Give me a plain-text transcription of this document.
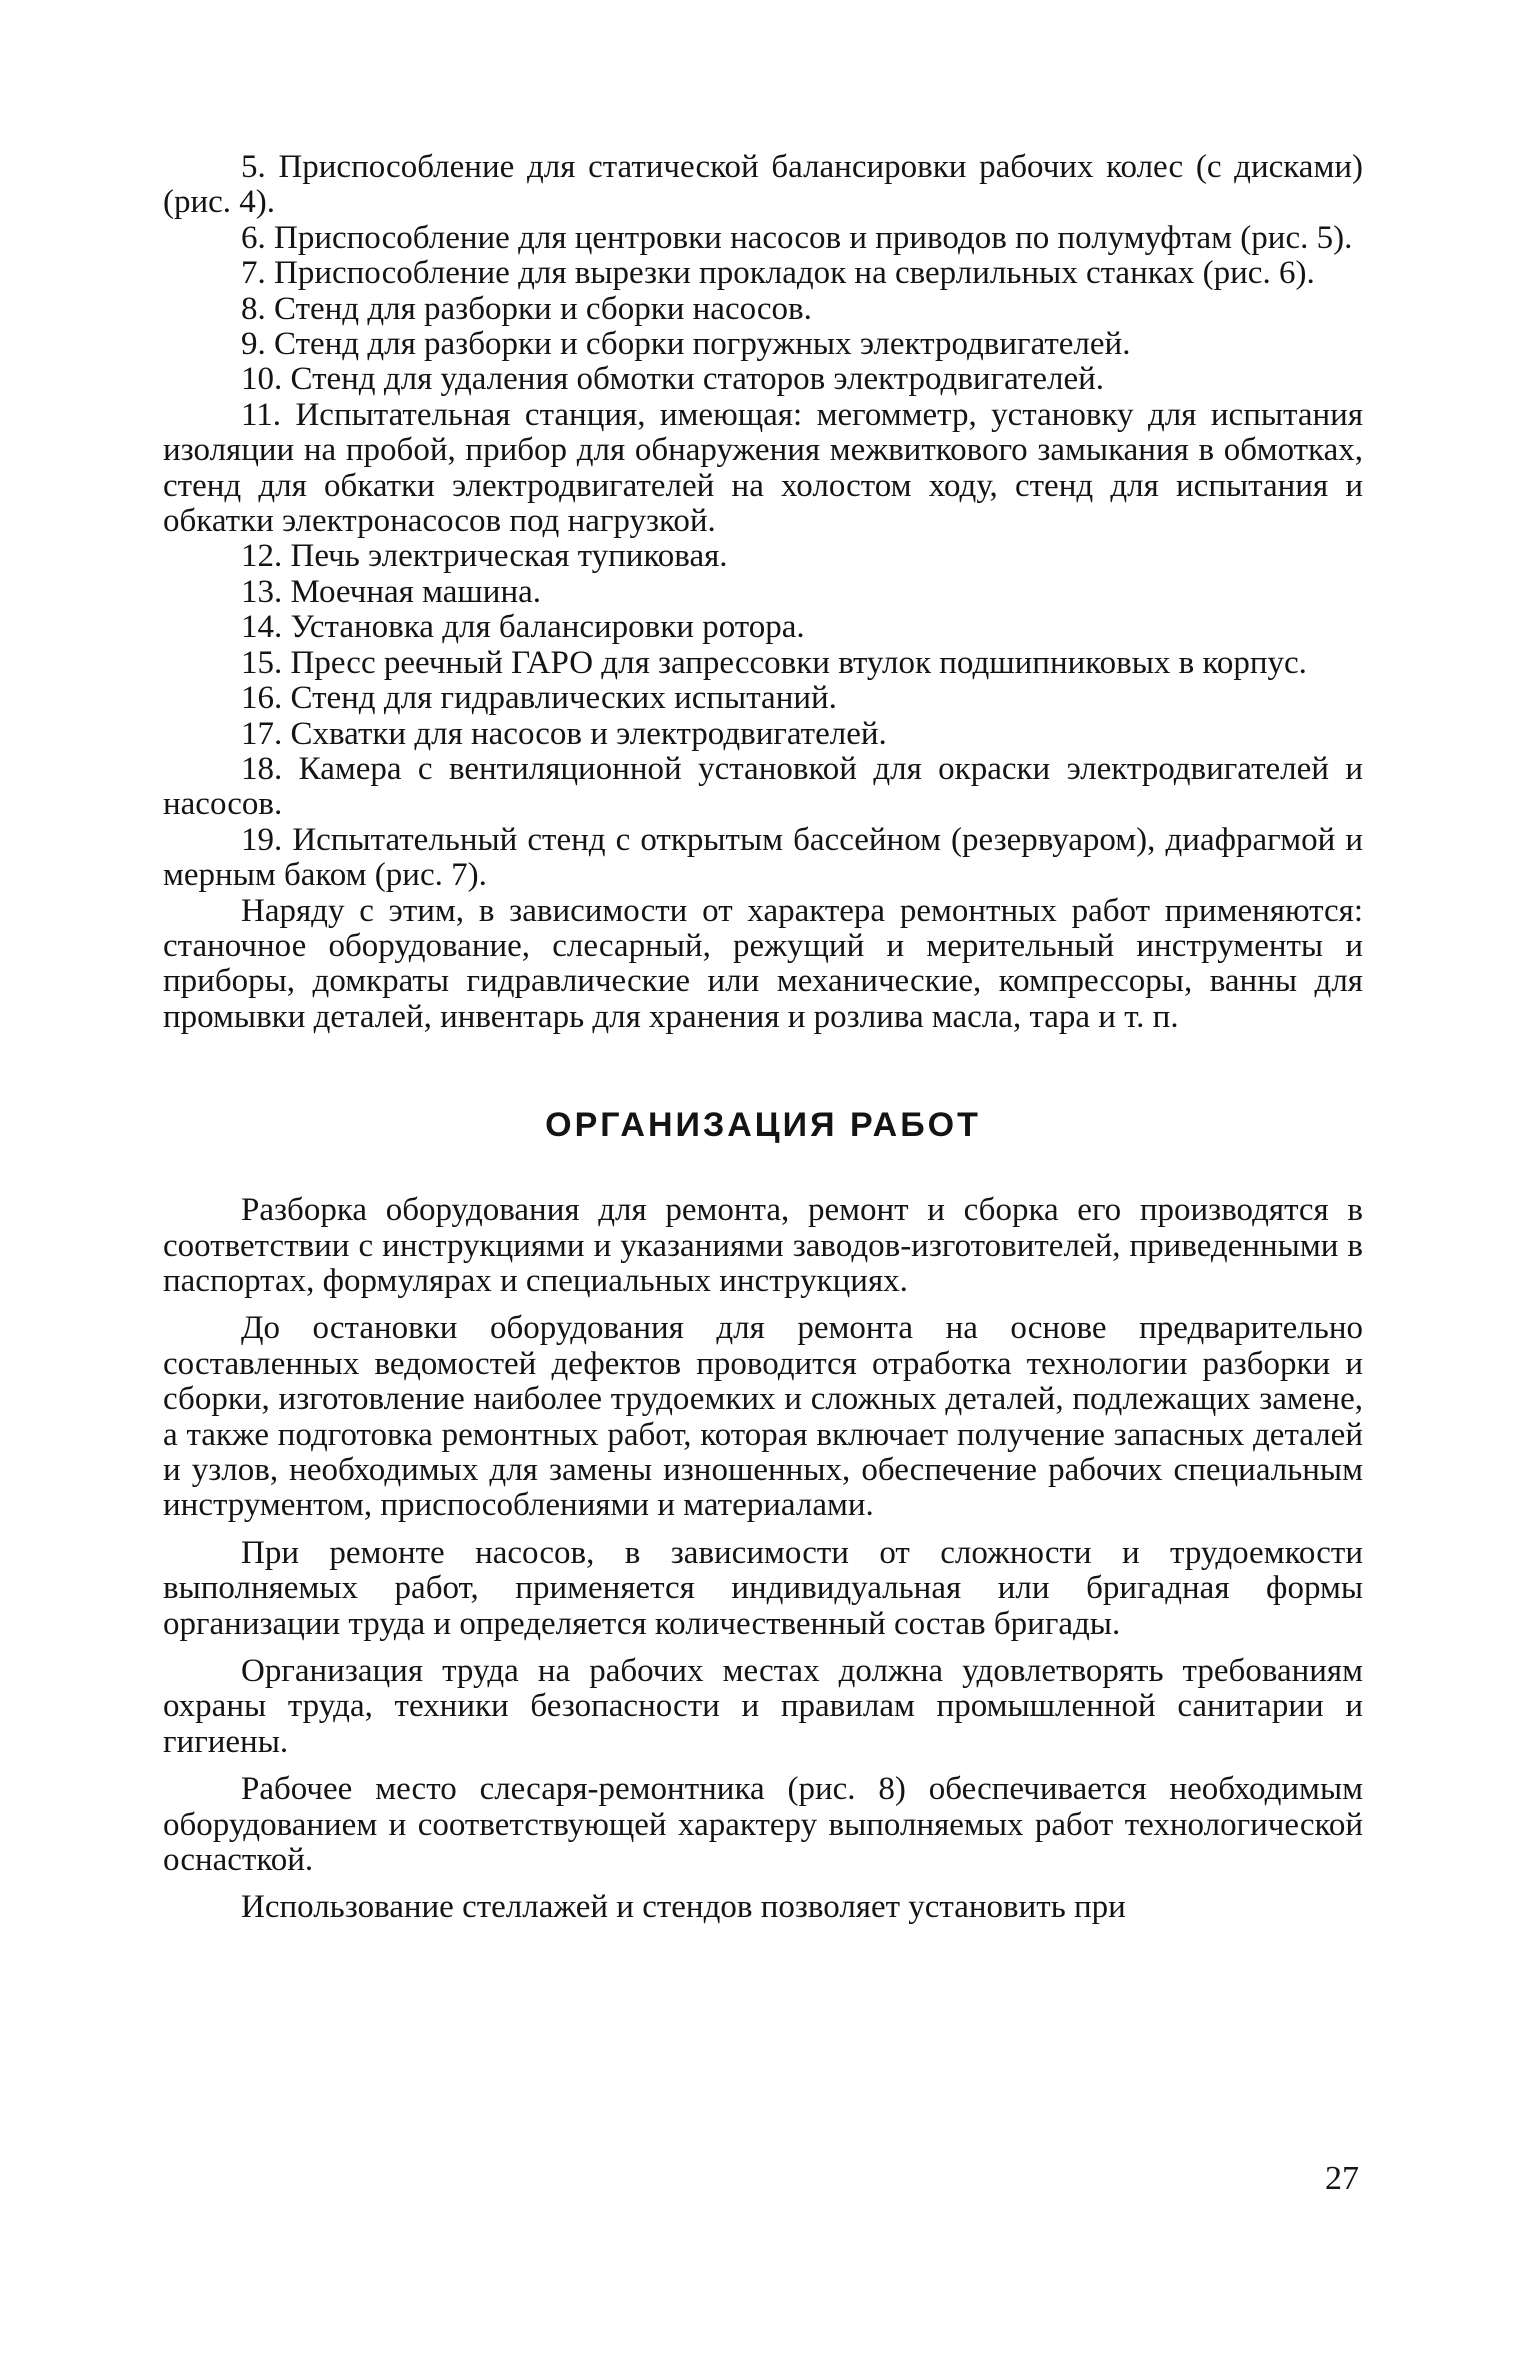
5. Приспособление для статической балансировки рабочих колес (с дисками) (рис. 4).

6. Приспособление для центровки насосов и приводов по полумуфтам (рис. 5).

7. Приспособление для вырезки прокладок на сверлильных станках (рис. 6).

8. Стенд для разборки и сборки насосов.

9. Стенд для разборки и сборки погружных электродвигателей.

10. Стенд для удаления обмотки статоров электродвигателей.

11. Испытательная станция, имеющая: мегомметр, установку для испытания изоляции на пробой, прибор для обнаружения межвиткового замыкания в обмотках, стенд для обкатки электродвигателей на холостом ходу, стенд для испытания и обкатки электронасосов под нагрузкой.

12. Печь электрическая тупиковая.

13. Моечная машина.

14. Установка для балансировки ротора.

15. Пресс реечный ГАРО для запрессовки втулок подшипниковых в корпус.

16. Стенд для гидравлических испытаний.

17. Схватки для насосов и электродвигателей.

18. Камера с вентиляционной установкой для окраски электродвигателей и насосов.

19. Испытательный стенд с открытым бассейном (резервуаром), диафрагмой и мерным баком (рис. 7).

Наряду с этим, в зависимости от характера ремонтных работ применяются: станочное оборудование, слесарный, режущий и мерительный инструменты и приборы, домкраты гидравлические или механические, компрессоры, ванны для промывки деталей, инвентарь для хранения и розлива масла, тара и т. п.

ОРГАНИЗАЦИЯ РАБОТ

Разборка оборудования для ремонта, ремонт и сборка его производятся в соответствии с инструкциями и указаниями заводов-изготовителей, приведенными в паспортах, формулярах и специальных инструкциях.

До остановки оборудования для ремонта на основе предварительно составленных ведомостей дефектов проводится отработка технологии разборки и сборки, изготовление наиболее трудоемких и сложных деталей, подлежащих замене, а также подготовка ремонтных работ, которая включает получение запасных деталей и узлов, необходимых для замены изношенных, обеспечение рабочих специальным инструментом, приспособлениями и материалами.

При ремонте насосов, в зависимости от сложности и трудоемкости выполняемых работ, применяется индивидуальная или бригадная формы организации труда и определяется количественный состав бригады.

Организация труда на рабочих местах должна удовлетворять требованиям охраны труда, техники безопасности и правилам промышленной санитарии и гигиены.

Рабочее место слесаря-ремонтника (рис. 8) обеспечивается необходимым оборудованием и соответствующей характеру выполняемых работ технологической оснасткой.

Использование стеллажей и стендов позволяет установить при

27
